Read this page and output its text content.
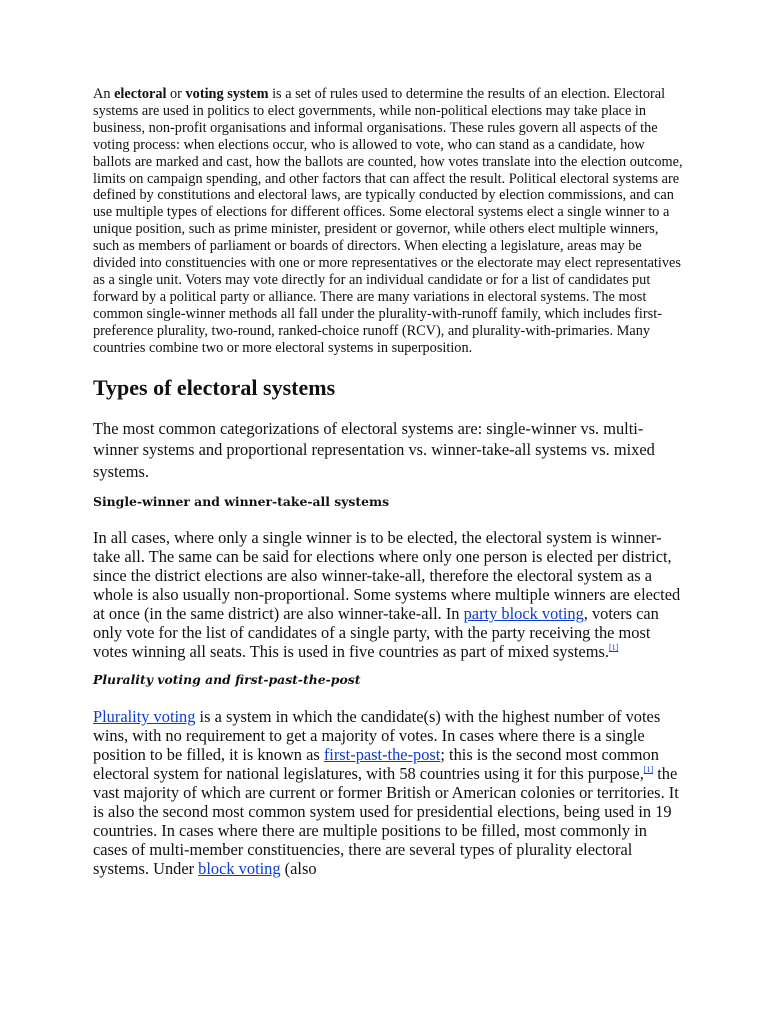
An electoral or voting system is a set of rules used to determine the results of an election. Electoral systems are used in politics to elect governments, while non-political elections may take place in business, non-profit organisations and informal organisations. These rules govern all aspects of the voting process: when elections occur, who is allowed to vote, who can stand as a candidate, how ballots are marked and cast, how the ballots are counted, how votes translate into the election outcome, limits on campaign spending, and other factors that can affect the result. Political electoral systems are defined by constitutions and electoral laws, are typically conducted by election commissions, and can use multiple types of elections for different offices. Some electoral systems elect a single winner to a unique position, such as prime minister, president or governor, while others elect multiple winners, such as members of parliament or boards of directors. When electing a legislature, areas may be divided into constituencies with one or more representatives or the electorate may elect representatives as a single unit. Voters may vote directly for an individual candidate or for a list of candidates put forward by a political party or alliance. There are many variations in electoral systems. The most common single-winner methods all fall under the plurality-with-runoff family, which includes first-preference plurality, two-round, ranked-choice runoff (RCV), and plurality-with-primaries. Many countries combine two or more electoral systems in superposition.

Types of electoral systems

The most common categorizations of electoral systems are: single-winner vs. multi-winner systems and proportional representation vs. winner-take-all systems vs. mixed systems.

Single-winner and winner-take-all systems

In all cases, where only a single winner is to be elected, the electoral system is winner-take all. The same can be said for elections where only one person is elected per district, since the district elections are also winner-take-all, therefore the electoral system as a whole is also usually non-proportional. Some systems where multiple winners are elected at once (in the same district) are also winner-take-all. In party block voting, voters can only vote for the list of candidates of a single party, with the party receiving the most votes winning all seats. This is used in five countries as part of mixed systems.[1]

Plurality voting and first-past-the-post

Plurality voting is a system in which the candidate(s) with the highest number of votes wins, with no requirement to get a majority of votes. In cases where there is a single position to be filled, it is known as first-past-the-post; this is the second most common electoral system for national legislatures, with 58 countries using it for this purpose,[1] the vast majority of which are current or former British or American colonies or territories. It is also the second most common system used for presidential elections, being used in 19 countries. In cases where there are multiple positions to be filled, most commonly in cases of multi-member constituencies, there are several types of plurality electoral systems. Under block voting (also
